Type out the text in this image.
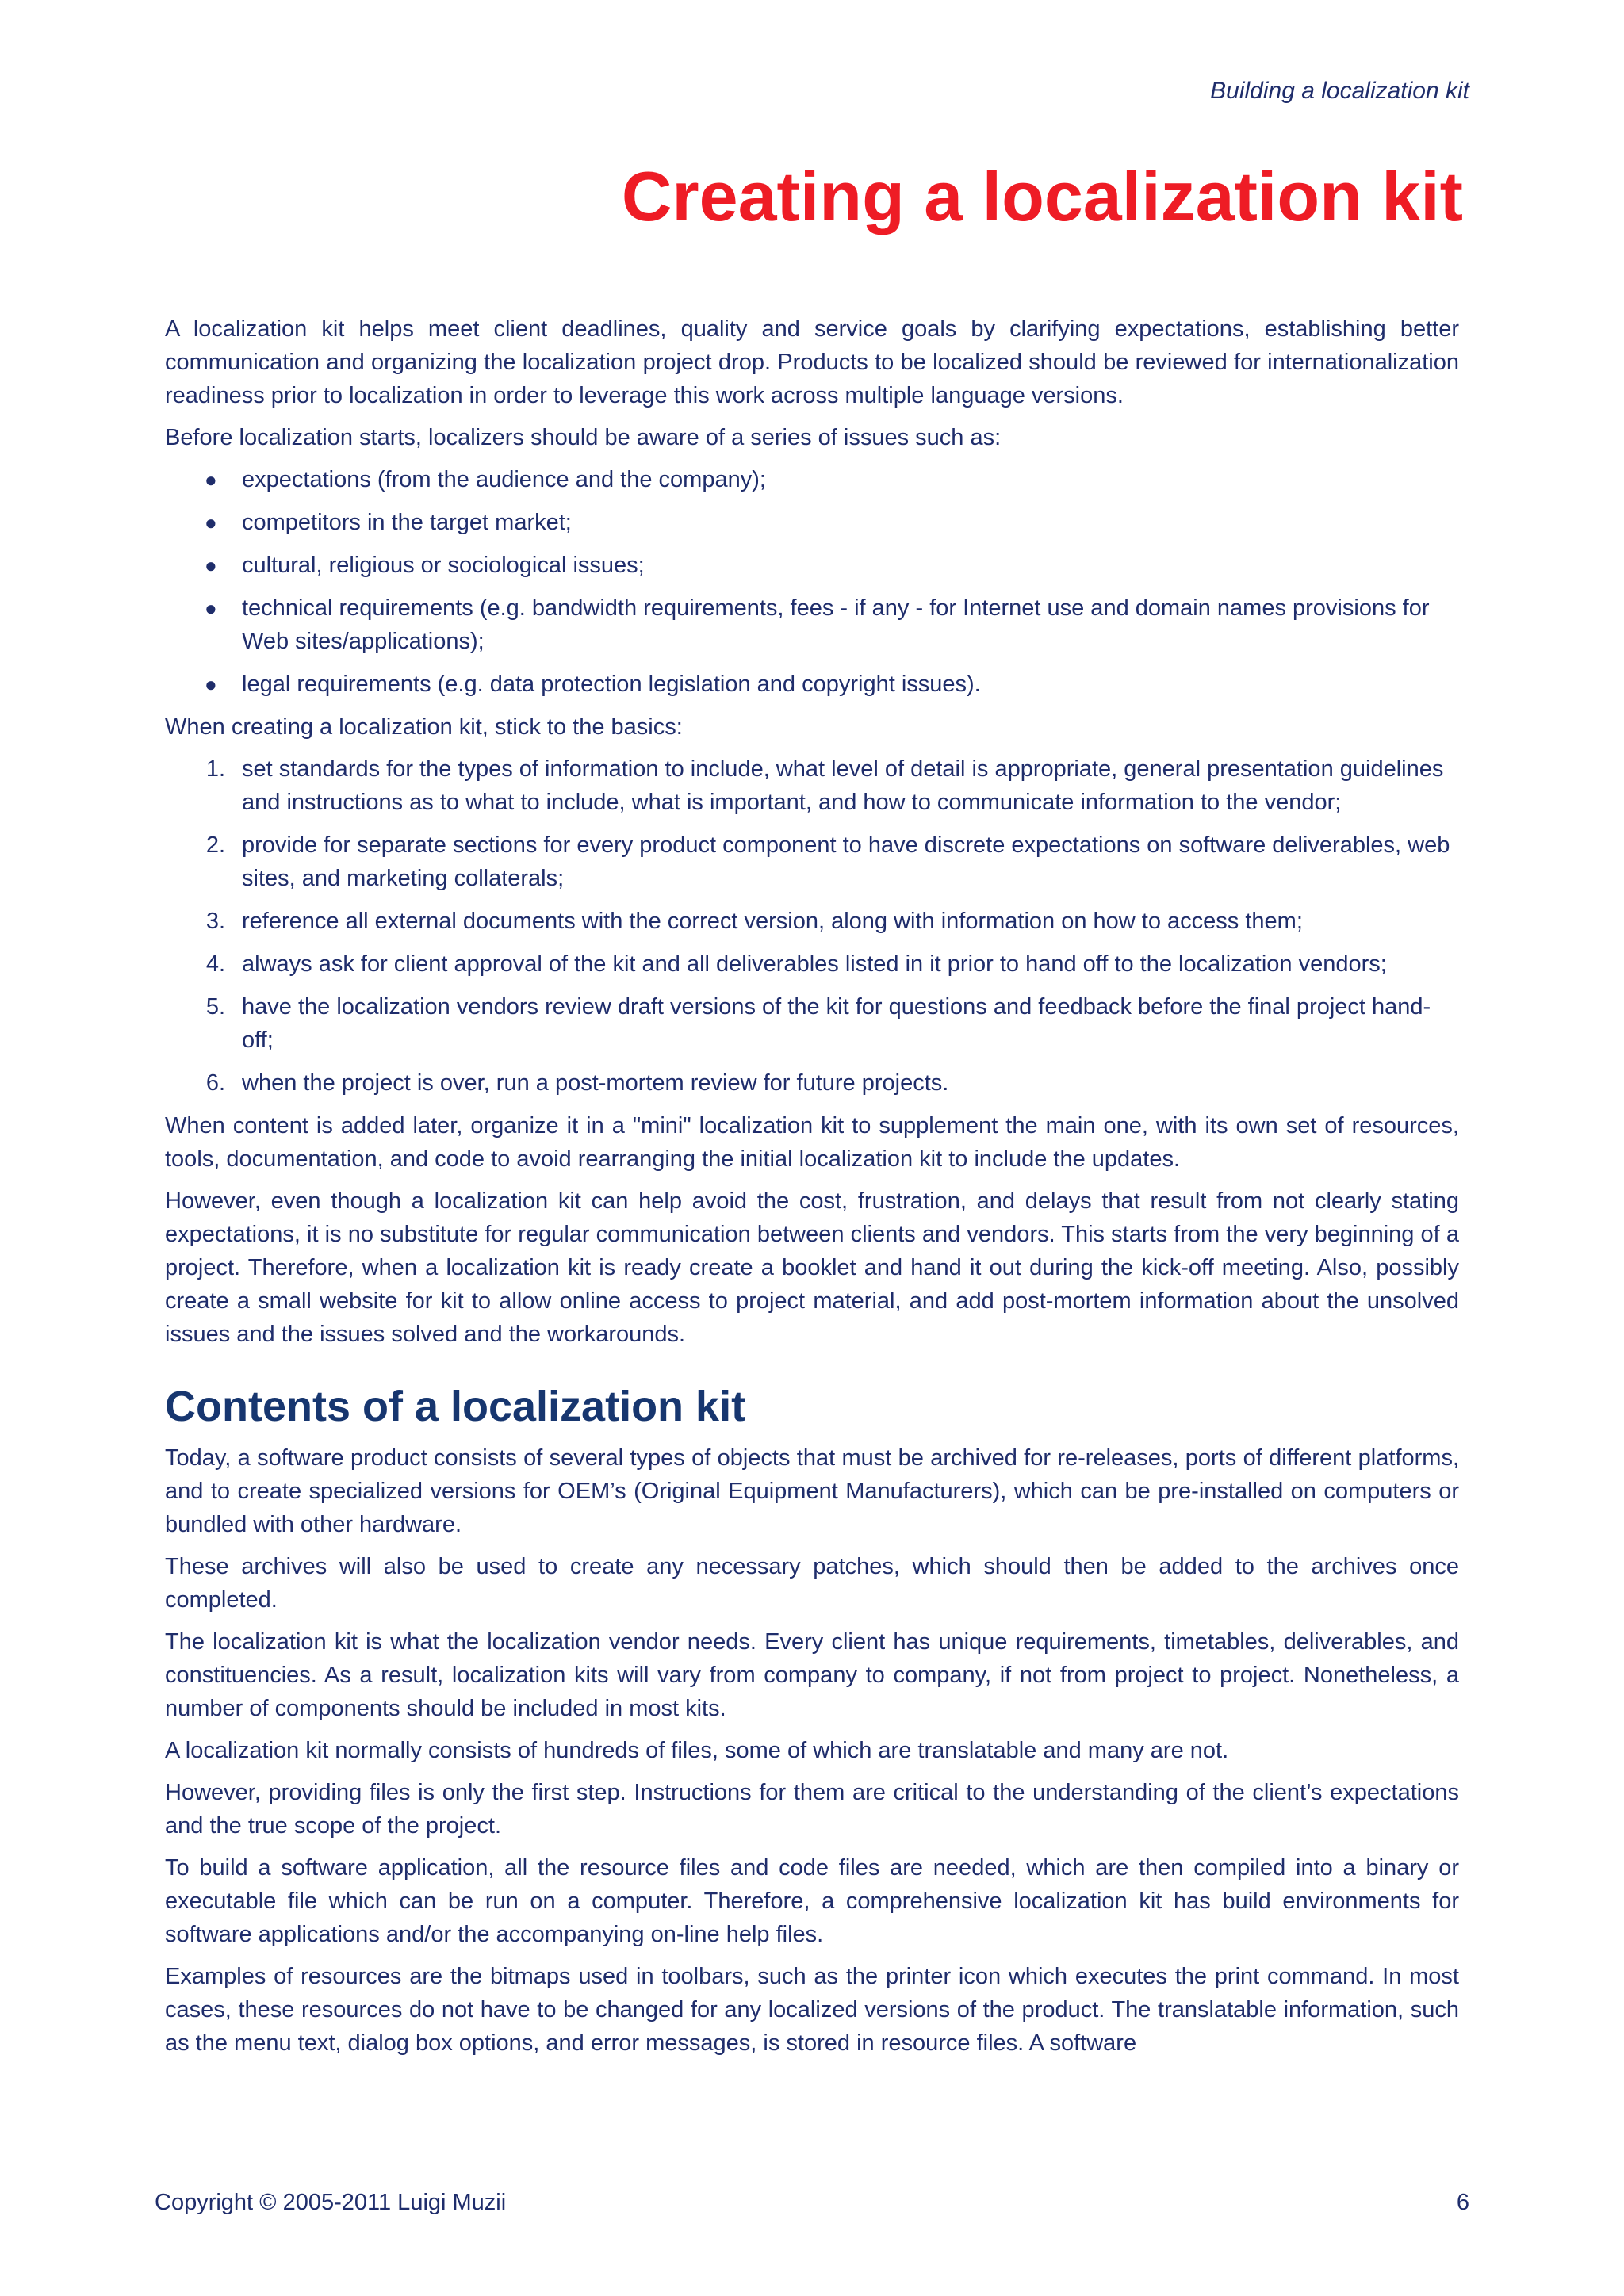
Building a localization kit
Creating a localization kit

A localization kit helps meet client deadlines, quality and service goals by clarifying expectations, establishing better communication and organizing the localization project drop. Products to be localized should be reviewed for internationalization readiness prior to localization in order to leverage this work across multiple language versions.

Before localization starts, localizers should be aware of a series of issues such as:

● expectations (from the audience and the company);
● competitors in the target market;
● cultural, religious or sociological issues;
● technical requirements (e.g. bandwidth requirements, fees - if any - for Internet use and domain names provisions for Web sites/applications);
● legal requirements (e.g. data protection legislation and copyright issues).

When creating a localization kit, stick to the basics:

1. set standards for the types of information to include, what level of detail is appropriate, general presentation guidelines and instructions as to what to include, what is important, and how to communicate information to the vendor;
2. provide for separate sections for every product component to have discrete expectations on software deliverables, web sites, and marketing collaterals;
3. reference all external documents with the correct version, along with information on how to access them;
4. always ask for client approval of the kit and all deliverables listed in it prior to hand off to the localization vendors;
5. have the localization vendors review draft versions of the kit for questions and feedback before the final project hand-off;
6. when the project is over, run a post-mortem review for future projects.

When content is added later, organize it in a "mini" localization kit to supplement the main one, with its own set of resources, tools, documentation, and code to avoid rearranging the initial localization kit to include the updates.

However, even though a localization kit can help avoid the cost, frustration, and delays that result from not clearly stating expectations, it is no substitute for regular communication between clients and vendors. This starts from the very beginning of a project. Therefore, when a localization kit is ready create a booklet and hand it out during the kick-off meeting. Also, possibly create a small website for kit to allow online access to project material, and add post-mortem information about the unsolved issues and the issues solved and the workarounds.

Contents of a localization kit

Today, a software product consists of several types of objects that must be archived for re-releases, ports of different platforms, and to create specialized versions for OEM’s (Original Equipment Manufacturers), which can be pre-installed on computers or bundled with other hardware.

These archives will also be used to create any necessary patches, which should then be added to the archives once completed.

The localization kit is what the localization vendor needs. Every client has unique requirements, timetables, deliverables, and constituencies. As a result, localization kits will vary from company to company, if not from project to project. Nonetheless, a number of components should be included in most kits.

A localization kit normally consists of hundreds of files, some of which are translatable and many are not.

However, providing files is only the first step. Instructions for them are critical to the understanding of the client’s expectations and the true scope of the project.

To build a software application, all the resource files and code files are needed, which are then compiled into a binary or executable file which can be run on a computer. Therefore, a comprehensive localization kit has build environments for software applications and/or the accompanying on-line help files.

Examples of resources are the bitmaps used in toolbars, such as the printer icon which executes the print command. In most cases, these resources do not have to be changed for any localized versions of the product. The translatable information, such as the menu text, dialog box options, and error messages, is stored in resource files. A software

Copyright © 2005-2011 Luigi Muzii	6
